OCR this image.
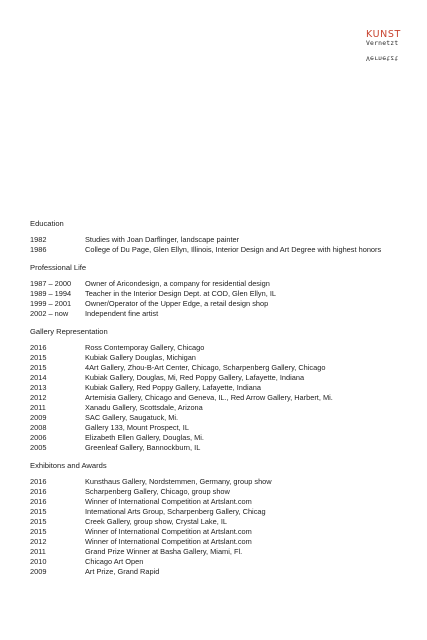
KUNST
Vernetzt
Vernetzt
Education
1982	Studies with Joan Darflinger, landscape painter
1986	College of Du Page, Glen Ellyn, Illinois, Interior Design and Art Degree with highest honors
Professional Life
1987 – 2000	Owner of Aricondesign, a company for residential design
1989 – 1994	Teacher in the Interior Design Dept. at COD, Glen Ellyn, IL
1999 – 2001	Owner/Operator of the Upper Edge, a retail design shop
2002 – now	Independent fine artist
Gallery Representation
2016	Ross Contemporay Gallery, Chicago
2015	Kubiak Gallery Douglas, Michigan
2015	4Art Gallery, Zhou-B-Art Center, Chicago, Scharpenberg Gallery, Chicago
2014	Kubiak Gallery, Douglas, Mi, Red Poppy Gallery, Lafayette, Indiana
2013	Kubiak Gallery, Red Poppy Gallery, Lafayette, Indiana
2012	Artemisia Gallery, Chicago and Geneva, IL., Red Arrow Gallery, Harbert, Mi.
2011	Xanadu Gallery, Scottsdale, Arizona
2009	SAC Gallery, Saugatuck, Mi.
2008	Gallery 133, Mount Prospect, IL
2006	Elizabeth Ellen Gallery, Douglas, Mi.
2005	Greenleaf Gallery, Bannockburn, IL
Exhibitons and Awards
2016	Kunsthaus Gallery, Nordstemmen, Germany, group show
2016	Scharpenberg Gallery, Chicago, group show
2016	Winner of International Competition at Artslant.com
2015	International Arts Group, Scharpenberg Gallery, Chicag
2015	Creek Gallery, group show, Crystal Lake, IL
2015	Winner of International Competition at Artslant.com
2012	Winner of International Competition at Artslant.com
2011	Grand Prize Winner at Basha Gallery, Miami, Fl.
2010	Chicago Art Open
2009	Art Prize, Grand Rapid
